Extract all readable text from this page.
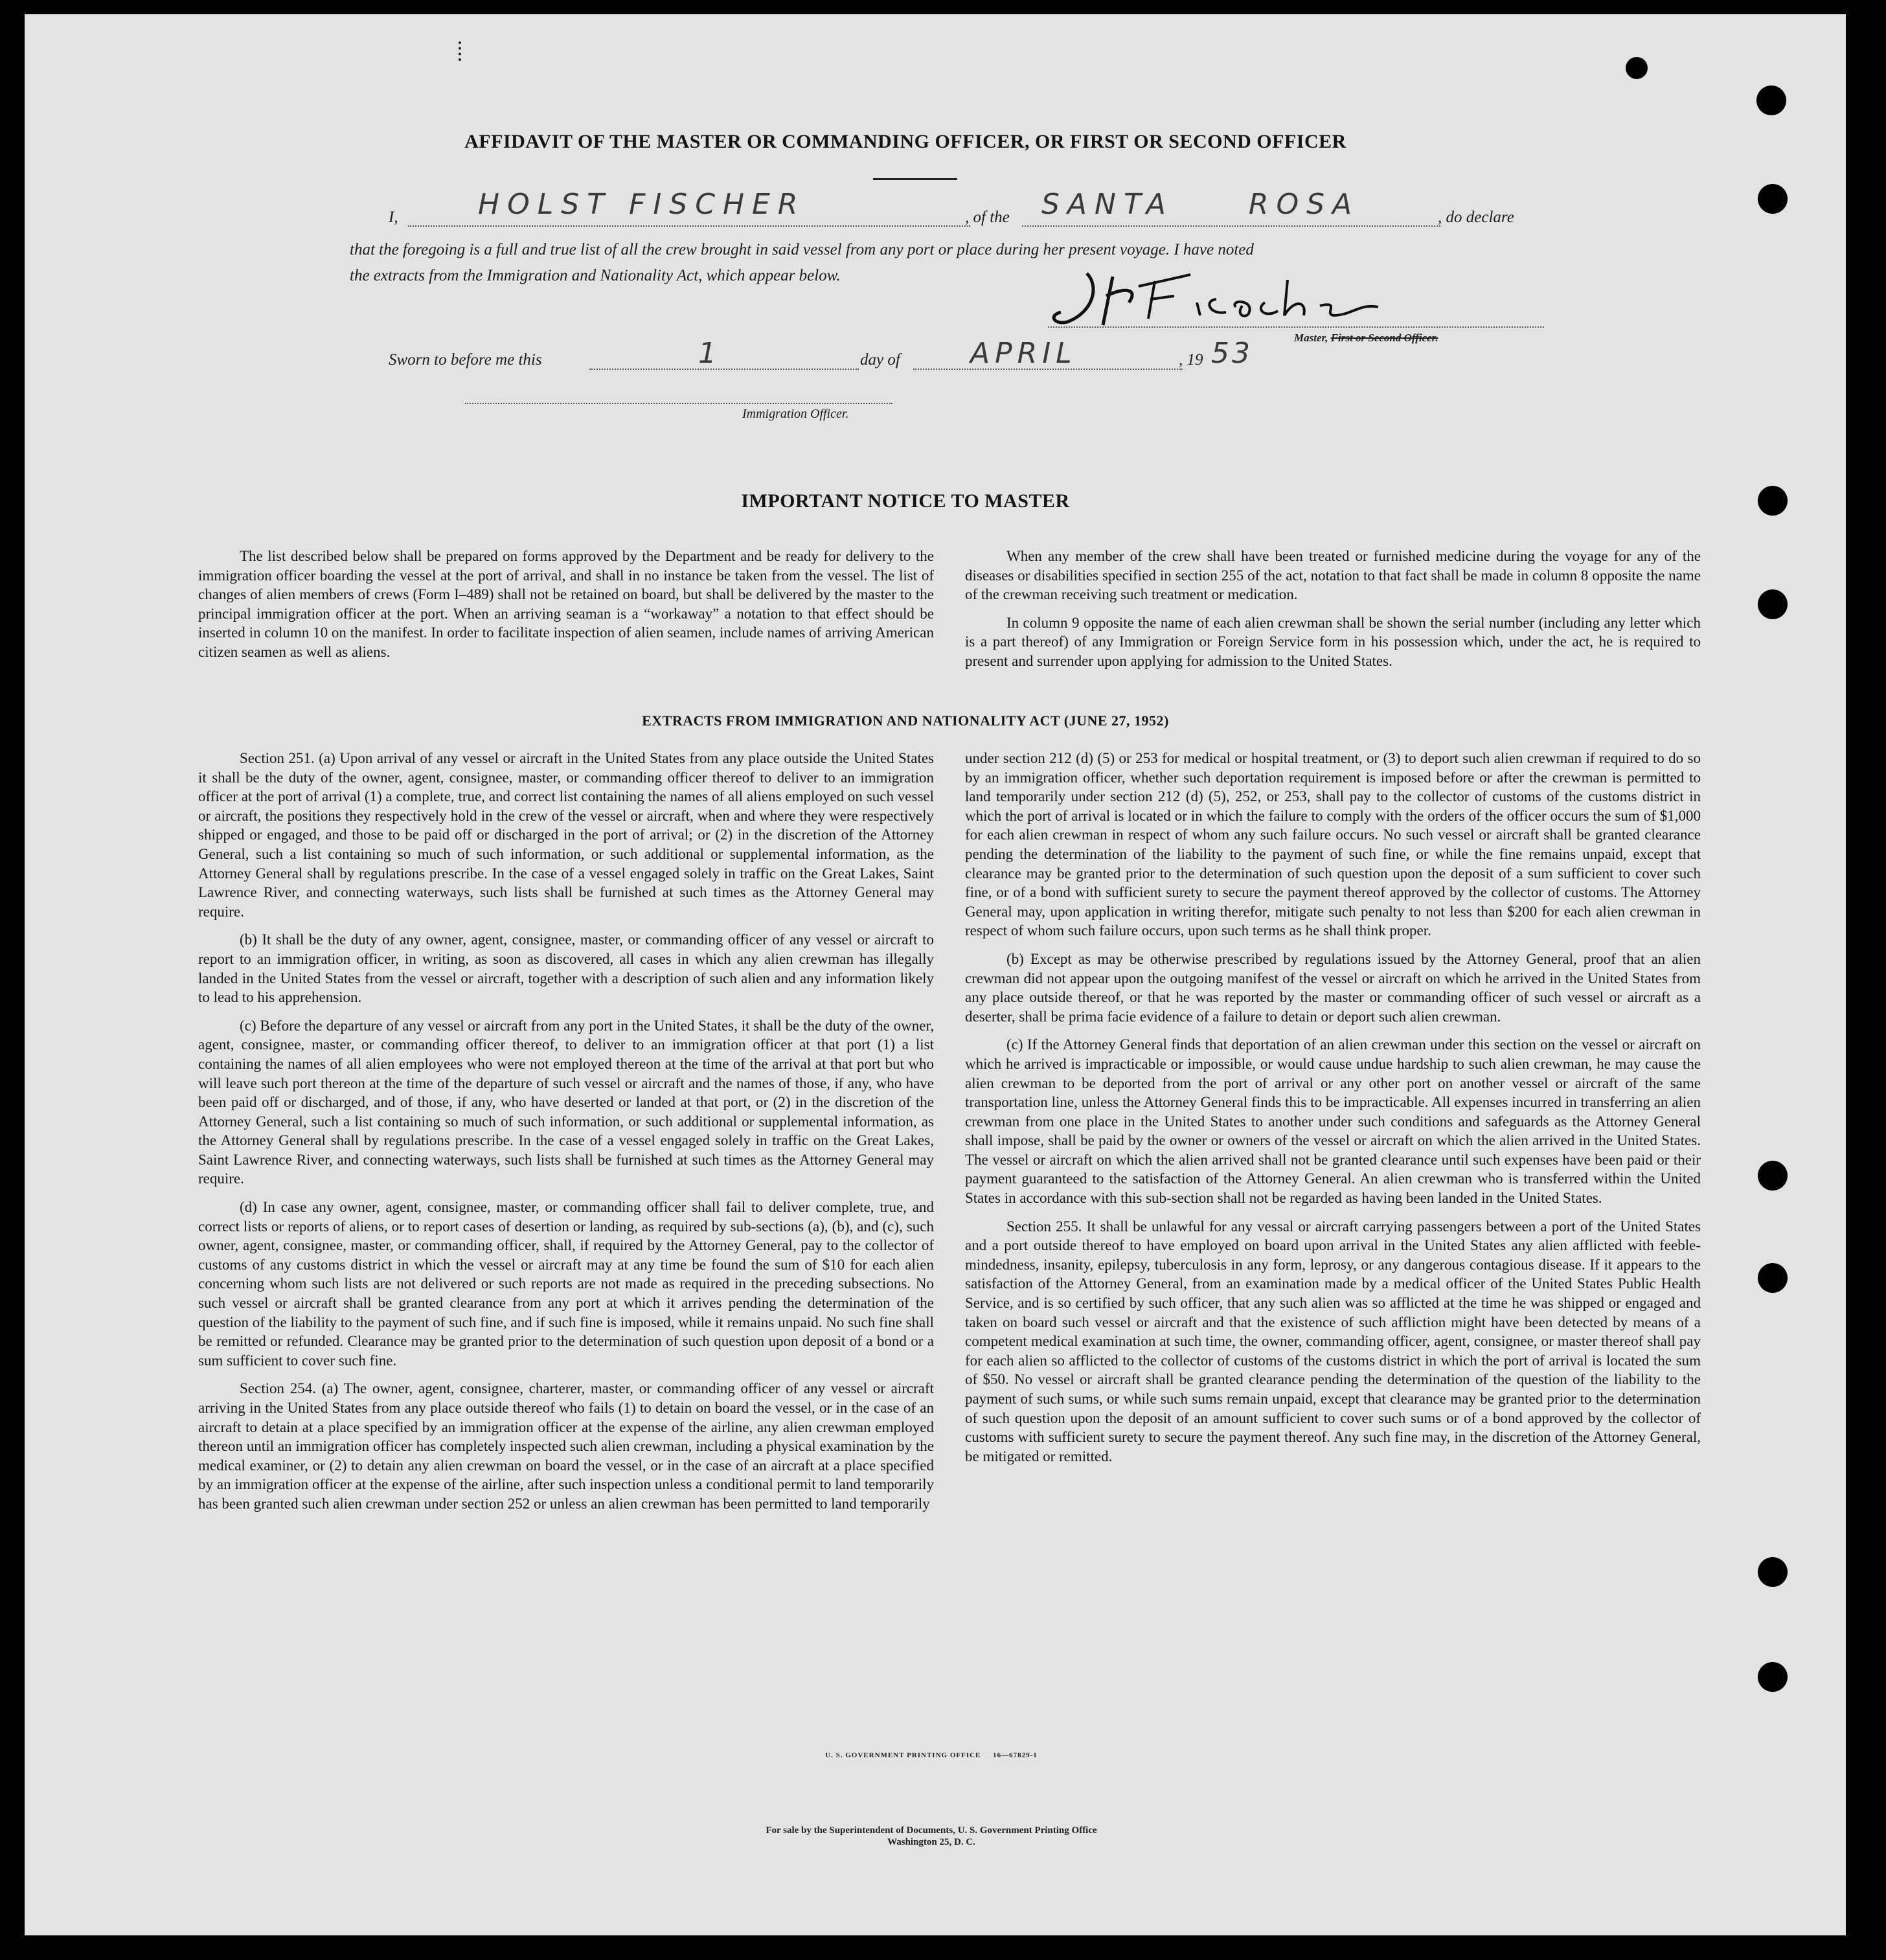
AFFIDAVIT OF THE MASTER OR COMMANDING OFFICER, OR FIRST OR SECOND OFFICER
I,	HOLST FISCHER	, of the SANTA ROSA	, do declare
that the foregoing is a full and true list of all the crew brought in said vessel from any port or place during her present voyage. I have noted
the extracts from the Immigration and Nationality Act, which appear below.
Master, First or Second Officer.
Sworn to before me this	1	day of APRIL	, 19 53
Immigration Officer.
IMPORTANT NOTICE TO MASTER

The list described below shall be prepared on forms approved by the Department and be ready for delivery to the immigration officer boarding the vessel at the port of arrival, and shall in no instance be taken from the vessel. The list of changes of alien members of crews (Form I–489) shall not be retained on board, but shall be delivered by the master to the principal immigration officer at the port. When an arriving seaman is a “workaway” a notation to that effect should be inserted in column 10 on the manifest. In order to facilitate inspection of alien seamen, include names of arriving American citizen seamen as well as aliens.

When any member of the crew shall have been treated or furnished medicine during the voyage for any of the diseases or disabilities specified in section 255 of the act, notation to that fact shall be made in column 8 opposite the name of the crewman receiving such treatment or medication.

In column 9 opposite the name of each alien crewman shall be shown the serial number (including any letter which is a part thereof) of any Immigration or Foreign Service form in his possession which, under the act, he is required to present and surrender upon applying for admission to the United States.

EXTRACTS FROM IMMIGRATION AND NATIONALITY ACT (JUNE 27, 1952)

Section 251. (a) Upon arrival of any vessel or aircraft in the United States from any place outside the United States it shall be the duty of the owner, agent, consignee, master, or commanding officer thereof to deliver to an immigration officer at the port of arrival (1) a complete, true, and correct list containing the names of all aliens employed on such vessel or aircraft, the positions they respectively hold in the crew of the vessel or aircraft, when and where they were respectively shipped or engaged, and those to be paid off or discharged in the port of arrival; or (2) in the discretion of the Attorney General, such a list containing so much of such information, or such additional or supplemental information, as the Attorney General shall by regulations prescribe. In the case of a vessel engaged solely in traffic on the Great Lakes, Saint Lawrence River, and connecting waterways, such lists shall be furnished at such times as the Attorney General may require.

(b) It shall be the duty of any owner, agent, consignee, master, or commanding officer of any vessel or aircraft to report to an immigration officer, in writing, as soon as discovered, all cases in which any alien crewman has illegally landed in the United States from the vessel or aircraft, together with a description of such alien and any information likely to lead to his apprehension.

(c) Before the departure of any vessel or aircraft from any port in the United States, it shall be the duty of the owner, agent, consignee, master, or commanding officer thereof, to deliver to an immigration officer at that port (1) a list containing the names of all alien employees who were not employed thereon at the time of the arrival at that port but who will leave such port thereon at the time of the departure of such vessel or aircraft and the names of those, if any, who have been paid off or discharged, and of those, if any, who have deserted or landed at that port, or (2) in the discretion of the Attorney General, such a list containing so much of such information, or such additional or supplemental information, as the Attorney General shall by regulations prescribe. In the case of a vessel engaged solely in traffic on the Great Lakes, Saint Lawrence River, and connecting waterways, such lists shall be furnished at such times as the Attorney General may require.

(d) In case any owner, agent, consignee, master, or commanding officer shall fail to deliver complete, true, and correct lists or reports of aliens, or to report cases of desertion or landing, as required by sub-sections (a), (b), and (c), such owner, agent, consignee, master, or commanding officer, shall, if required by the Attorney General, pay to the collector of customs of any customs district in which the vessel or aircraft may at any time be found the sum of $10 for each alien concerning whom such lists are not delivered or such reports are not made as required in the preceding subsections. No such vessel or aircraft shall be granted clearance from any port at which it arrives pending the determination of the question of the liability to the payment of such fine, and if such fine is imposed, while it remains unpaid. No such fine shall be remitted or refunded. Clearance may be granted prior to the determination of such question upon deposit of a bond or a sum sufficient to cover such fine.

Section 254. (a) The owner, agent, consignee, charterer, master, or commanding officer of any vessel or aircraft arriving in the United States from any place outside thereof who fails (1) to detain on board the vessel, or in the case of an aircraft to detain at a place specified by an immigration officer at the expense of the airline, any alien crewman employed thereon until an immigration officer has completely inspected such alien crewman, including a physical examination by the medical examiner, or (2) to detain any alien crewman on board the vessel, or in the case of an aircraft at a place specified by an immigration officer at the expense of the airline, after such inspection unless a conditional permit to land temporarily has been granted such alien crewman under section 252 or unless an alien crewman has been permitted to land temporarily

under section 212 (d) (5) or 253 for medical or hospital treatment, or (3) to deport such alien crewman if required to do so by an immigration officer, whether such deportation requirement is imposed before or after the crewman is permitted to land temporarily under section 212 (d) (5), 252, or 253, shall pay to the collector of customs of the customs district in which the port of arrival is located or in which the failure to comply with the orders of the officer occurs the sum of $1,000 for each alien crewman in respect of whom any such failure occurs. No such vessel or aircraft shall be granted clearance pending the determination of the liability to the payment of such fine, or while the fine remains unpaid, except that clearance may be granted prior to the determination of such question upon the deposit of a sum sufficient to cover such fine, or of a bond with sufficient surety to secure the payment thereof approved by the collector of customs. The Attorney General may, upon application in writing therefor, mitigate such penalty to not less than $200 for each alien crewman in respect of whom such failure occurs, upon such terms as he shall think proper.

(b) Except as may be otherwise prescribed by regulations issued by the Attorney General, proof that an alien crewman did not appear upon the outgoing manifest of the vessel or aircraft on which he arrived in the United States from any place outside thereof, or that he was reported by the master or commanding officer of such vessel or aircraft as a deserter, shall be prima facie evidence of a failure to detain or deport such alien crewman.

(c) If the Attorney General finds that deportation of an alien crewman under this section on the vessel or aircraft on which he arrived is impracticable or impossible, or would cause undue hardship to such alien crewman, he may cause the alien crewman to be deported from the port of arrival or any other port on another vessel or aircraft of the same transportation line, unless the Attorney General finds this to be impracticable. All expenses incurred in transferring an alien crewman from one place in the United States to another under such conditions and safeguards as the Attorney General shall impose, shall be paid by the owner or owners of the vessel or aircraft on which the alien arrived in the United States. The vessel or aircraft on which the alien arrived shall not be granted clearance until such expenses have been paid or their payment guaranteed to the satisfaction of the Attorney General. An alien crewman who is transferred within the United States in accordance with this sub-section shall not be regarded as having been landed in the United States.

Section 255. It shall be unlawful for any vessal or aircraft carrying passengers between a port of the United States and a port outside thereof to have employed on board upon arrival in the United States any alien afflicted with feeble-mindedness, insanity, epilepsy, tuberculosis in any form, leprosy, or any dangerous contagious disease. If it appears to the satisfaction of the Attorney General, from an examination made by a medical officer of the United States Public Health Service, and is so certified by such officer, that any such alien was so afflicted at the time he was shipped or engaged and taken on board such vessel or aircraft and that the existence of such affliction might have been detected by means of a competent medical examination at such time, the owner, commanding officer, agent, consignee, or master thereof shall pay for each alien so afflicted to the collector of customs of the customs district in which the port of arrival is located the sum of $50. No vessel or aircraft shall be granted clearance pending the determination of the question of the liability to the payment of such sums, or while such sums remain unpaid, except that clearance may be granted prior to the determination of such question upon the deposit of an amount sufficient to cover such sums or of a bond approved by the collector of customs with sufficient surety to secure the payment thereof. Any such fine may, in the discretion of the Attorney General, be mitigated or remitted.

U. S. GOVERNMENT PRINTING OFFICE     16—67829-1
For sale by the Superintendent of Documents, U. S. Government Printing Office
Washington 25, D. C.
